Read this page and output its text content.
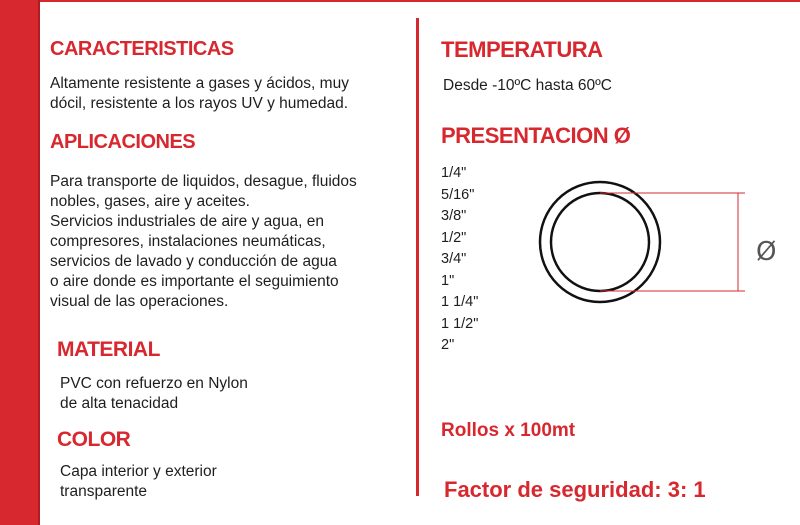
CARACTERISTICAS

Altamente resistente a gases y ácidos, muy
dócil, resistente a los rayos UV y humedad.

APLICACIONES

Para transporte de liquidos, desague, fluidos
nobles, gases, aire y aceites.
Servicios industriales de aire y agua, en
compresores, instalaciones neumáticas,
servicios de lavado y conducción de agua
o aire donde es importante el seguimiento
visual de las operaciones.

MATERIAL

PVC con refuerzo en Nylon
de alta tenacidad

COLOR

Capa interior y exterior
transparente

TEMPERATURA

Desde -10ºC hasta 60ºC

PRESENTACION Ø
1/4"
5/16"
3/8"
1/2"
3/4"
1"
1 1/4"
1 1/2"
2"
Ø

Rollos x 100mt

Factor de seguridad: 3: 1
